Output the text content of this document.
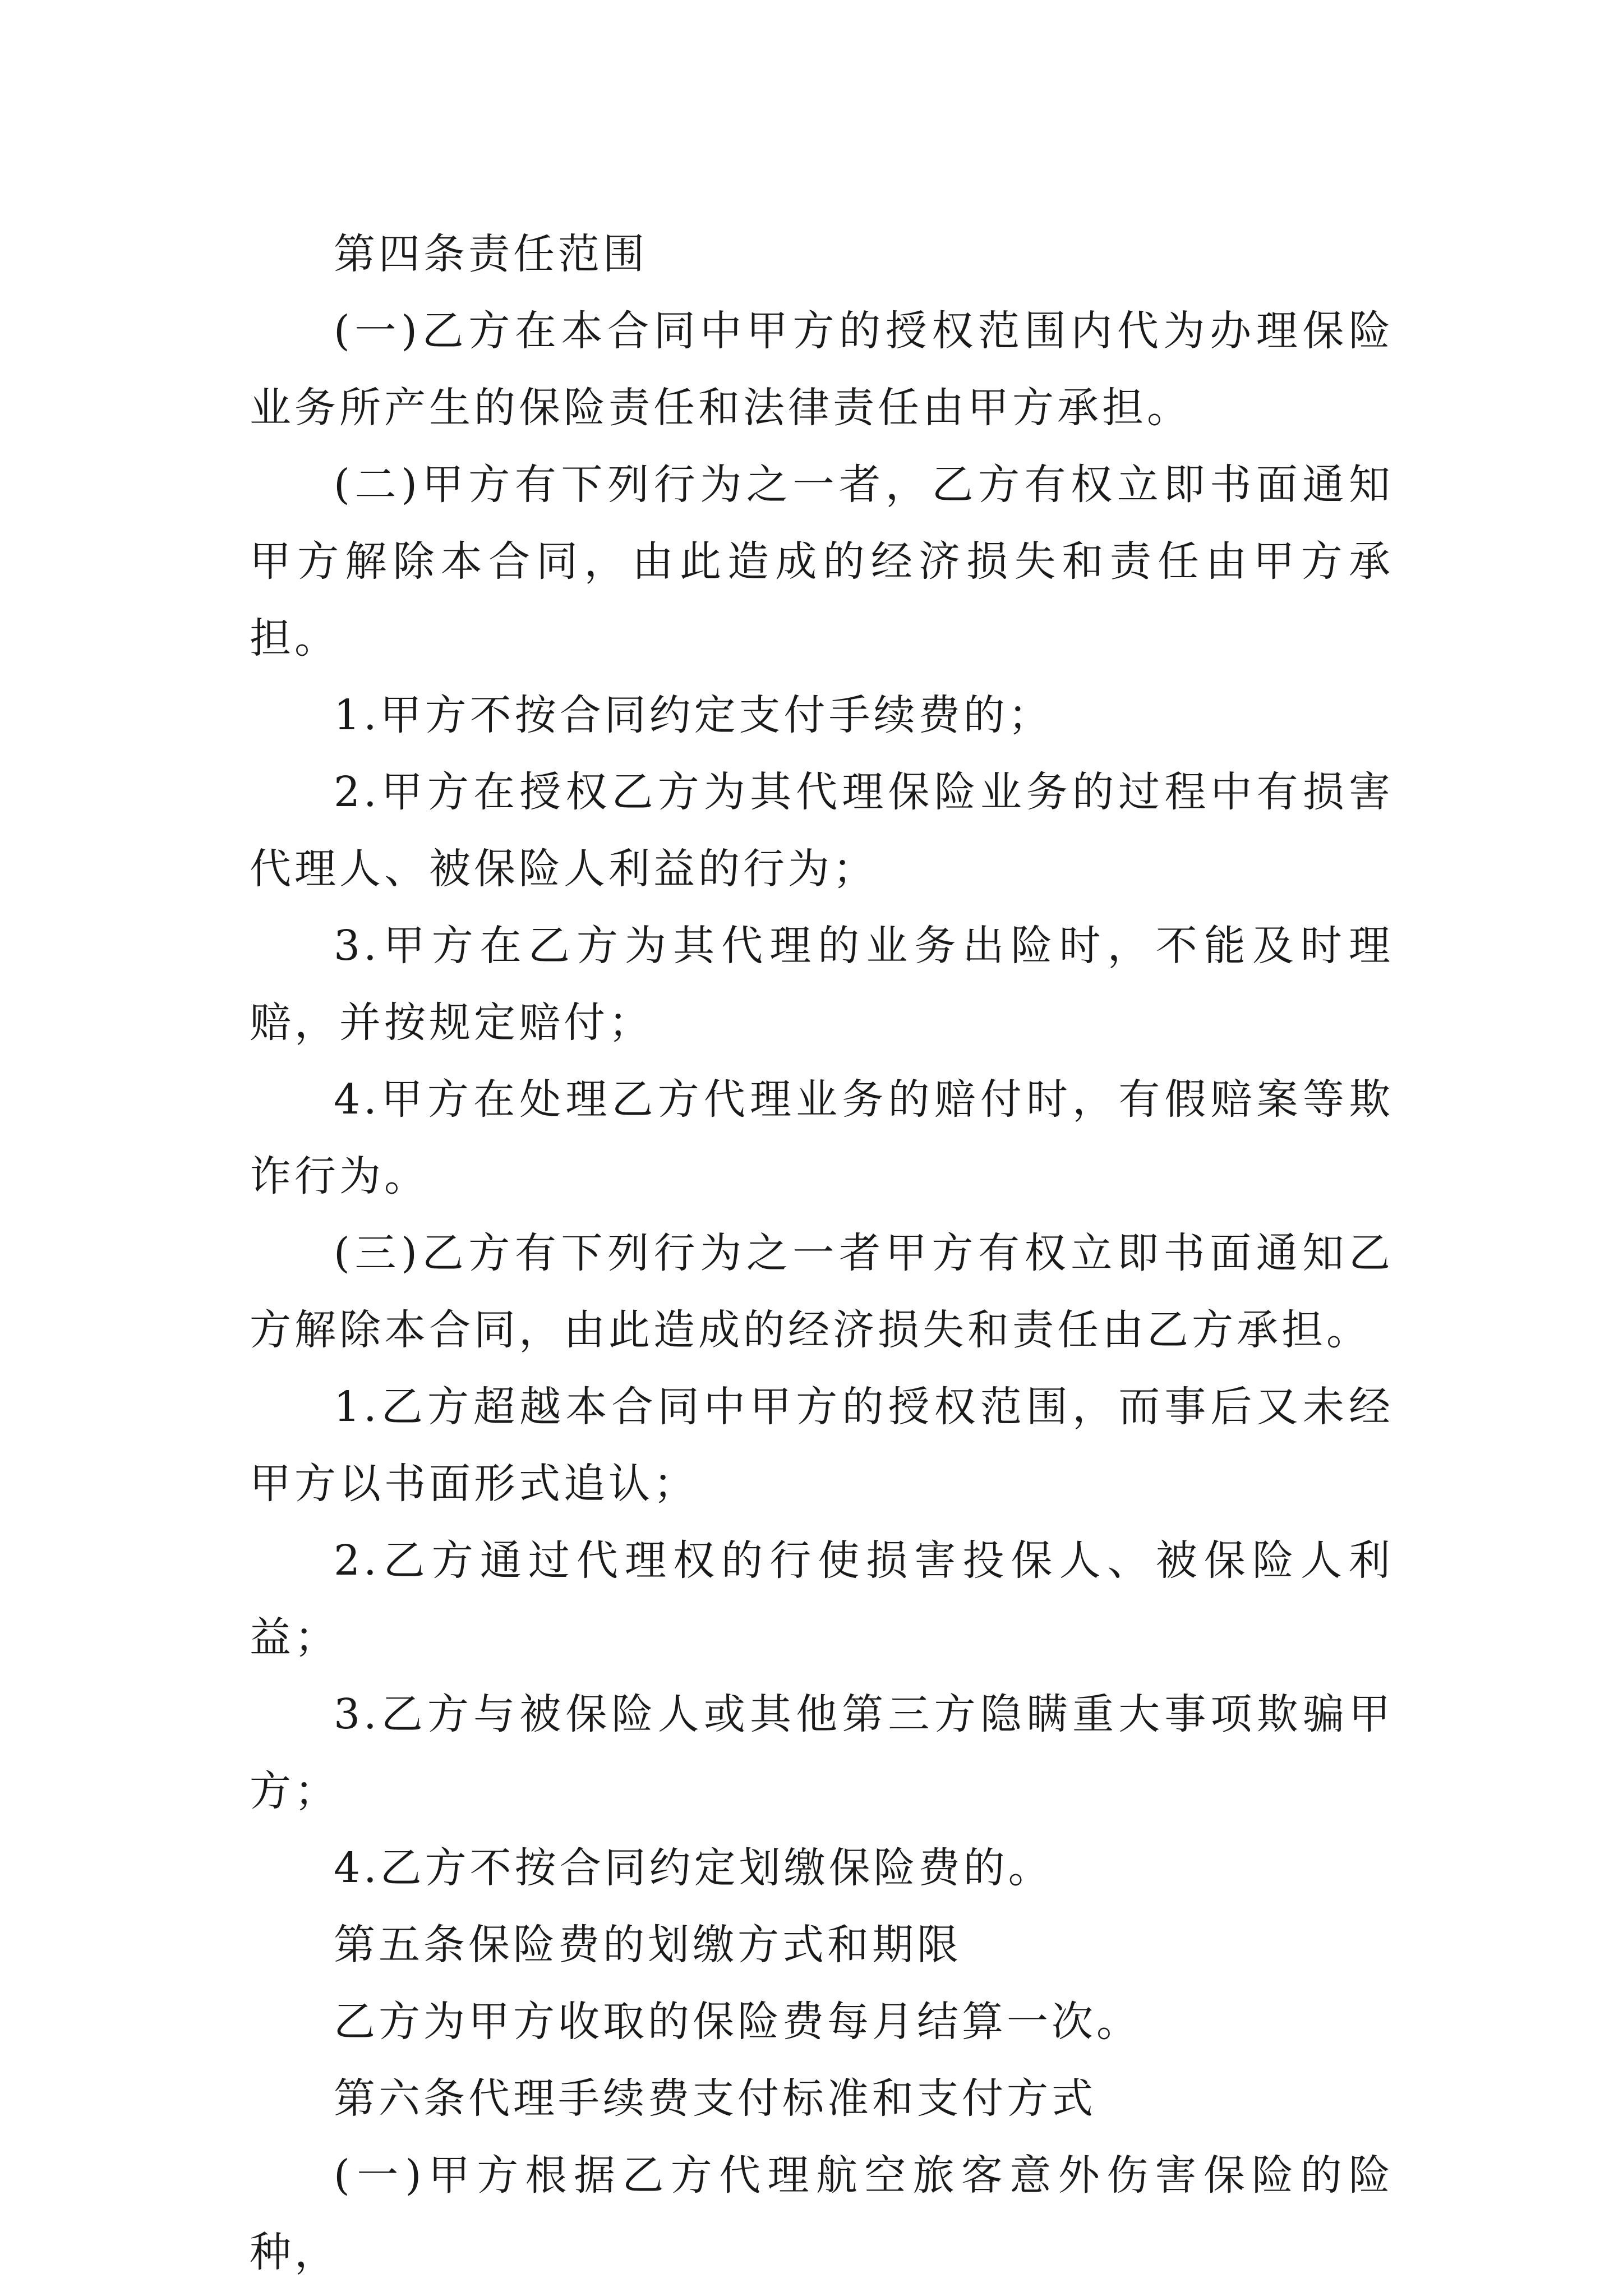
第四条责任范围

(一)乙方在本合同中甲方的授权范围内代为办理保险业务所产生的保险责任和法律责任由甲方承担。

(二)甲方有下列行为之一者，乙方有权立即书面通知甲方解除本合同，由此造成的经济损失和责任由甲方承担。

1.甲方不按合同约定支付手续费的；

2.甲方在授权乙方为其代理保险业务的过程中有损害代理人、被保险人利益的行为；

3.甲方在乙方为其代理的业务出险时，不能及时理赔，并按规定赔付；

4.甲方在处理乙方代理业务的赔付时，有假赔案等欺诈行为。

(三)乙方有下列行为之一者甲方有权立即书面通知乙方解除本合同，由此造成的经济损失和责任由乙方承担。

1.乙方超越本合同中甲方的授权范围，而事后又未经甲方以书面形式追认；

2.乙方通过代理权的行使损害投保人、被保险人利益；

3.乙方与被保险人或其他第三方隐瞒重大事项欺骗甲方；

4.乙方不按合同约定划缴保险费的。

第五条保险费的划缴方式和期限

乙方为甲方收取的保险费每月结算一次。

第六条代理手续费支付标准和支付方式

(一)甲方根据乙方代理航空旅客意外伤害保险的险种，
